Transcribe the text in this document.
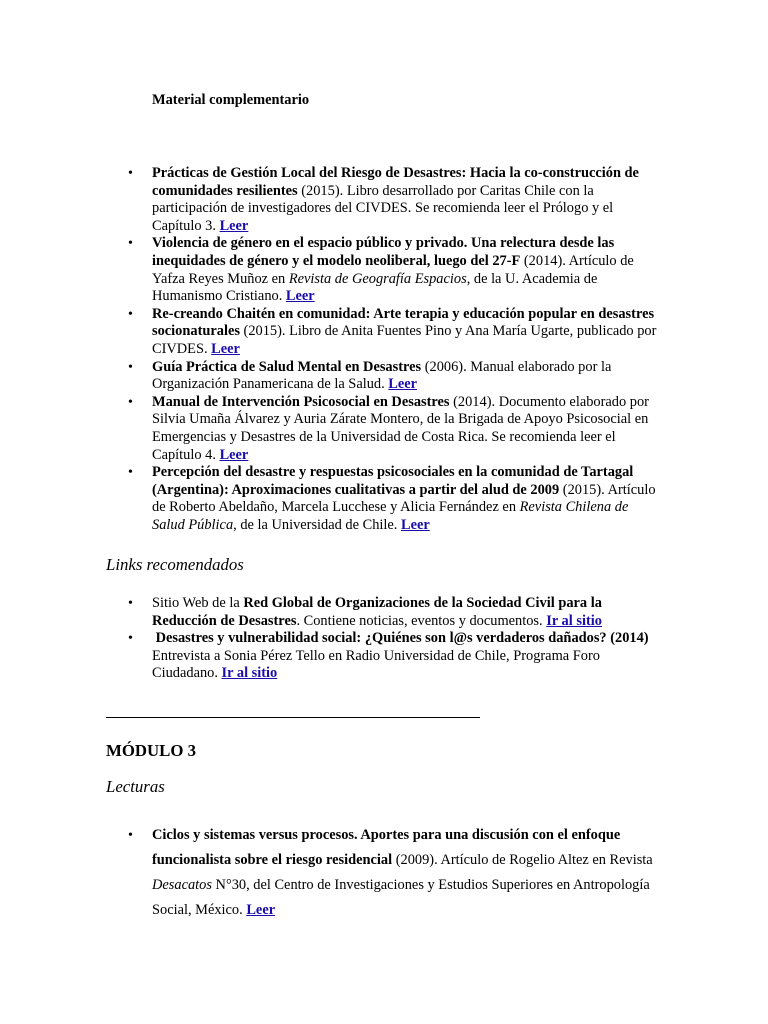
Material complementario
• Prácticas de Gestión Local del Riesgo de Desastres: Hacia la co-construcción de comunidades resilientes (2015). Libro desarrollado por Caritas Chile con la participación de investigadores del CIVDES. Se recomienda leer el Prólogo y el Capítulo 3. Leer
• Violencia de género en el espacio público y privado. Una relectura desde las inequidades de género y el modelo neoliberal, luego del 27-F (2014). Artículo de Yafza Reyes Muñoz en Revista de Geografía Espacios, de la U. Academia de Humanismo Cristiano. Leer
• Re-creando Chaitén en comunidad: Arte terapia y educación popular en desastres socionaturales (2015). Libro de Anita Fuentes Pino y Ana María Ugarte, publicado por CIVDES. Leer
• Guía Práctica de Salud Mental en Desastres (2006). Manual elaborado por la Organización Panamericana de la Salud. Leer
• Manual de Intervención Psicosocial en Desastres (2014). Documento elaborado por Silvia Umaña Álvarez y Auria Zárate Montero, de la Brigada de Apoyo Psicosocial en Emergencias y Desastres de la Universidad de Costa Rica. Se recomienda leer el Capítulo 4. Leer
• Percepción del desastre y respuestas psicosociales en la comunidad de Tartagal (Argentina): Aproximaciones cualitativas a partir del alud de 2009 (2015). Artículo de Roberto Abeldaño, Marcela Lucchese y Alicia Fernández en Revista Chilena de Salud Pública, de la Universidad de Chile. Leer
Links recomendados
• Sitio Web de la Red Global de Organizaciones de la Sociedad Civil para la Reducción de Desastres. Contiene noticias, eventos y documentos. Ir al sitio
• Desastres y vulnerabilidad social: ¿Quiénes son l@s verdaderos dañados? (2014) Entrevista a Sonia Pérez Tello en Radio Universidad de Chile, Programa Foro Ciudadano. Ir al sitio
MÓDULO 3
Lecturas
• Ciclos y sistemas versus procesos. Aportes para una discusión con el enfoque funcionalista sobre el riesgo residencial (2009). Artículo de Rogelio Altez en Revista Desacatos N°30, del Centro de Investigaciones y Estudios Superiores en Antropología Social, México. Leer
